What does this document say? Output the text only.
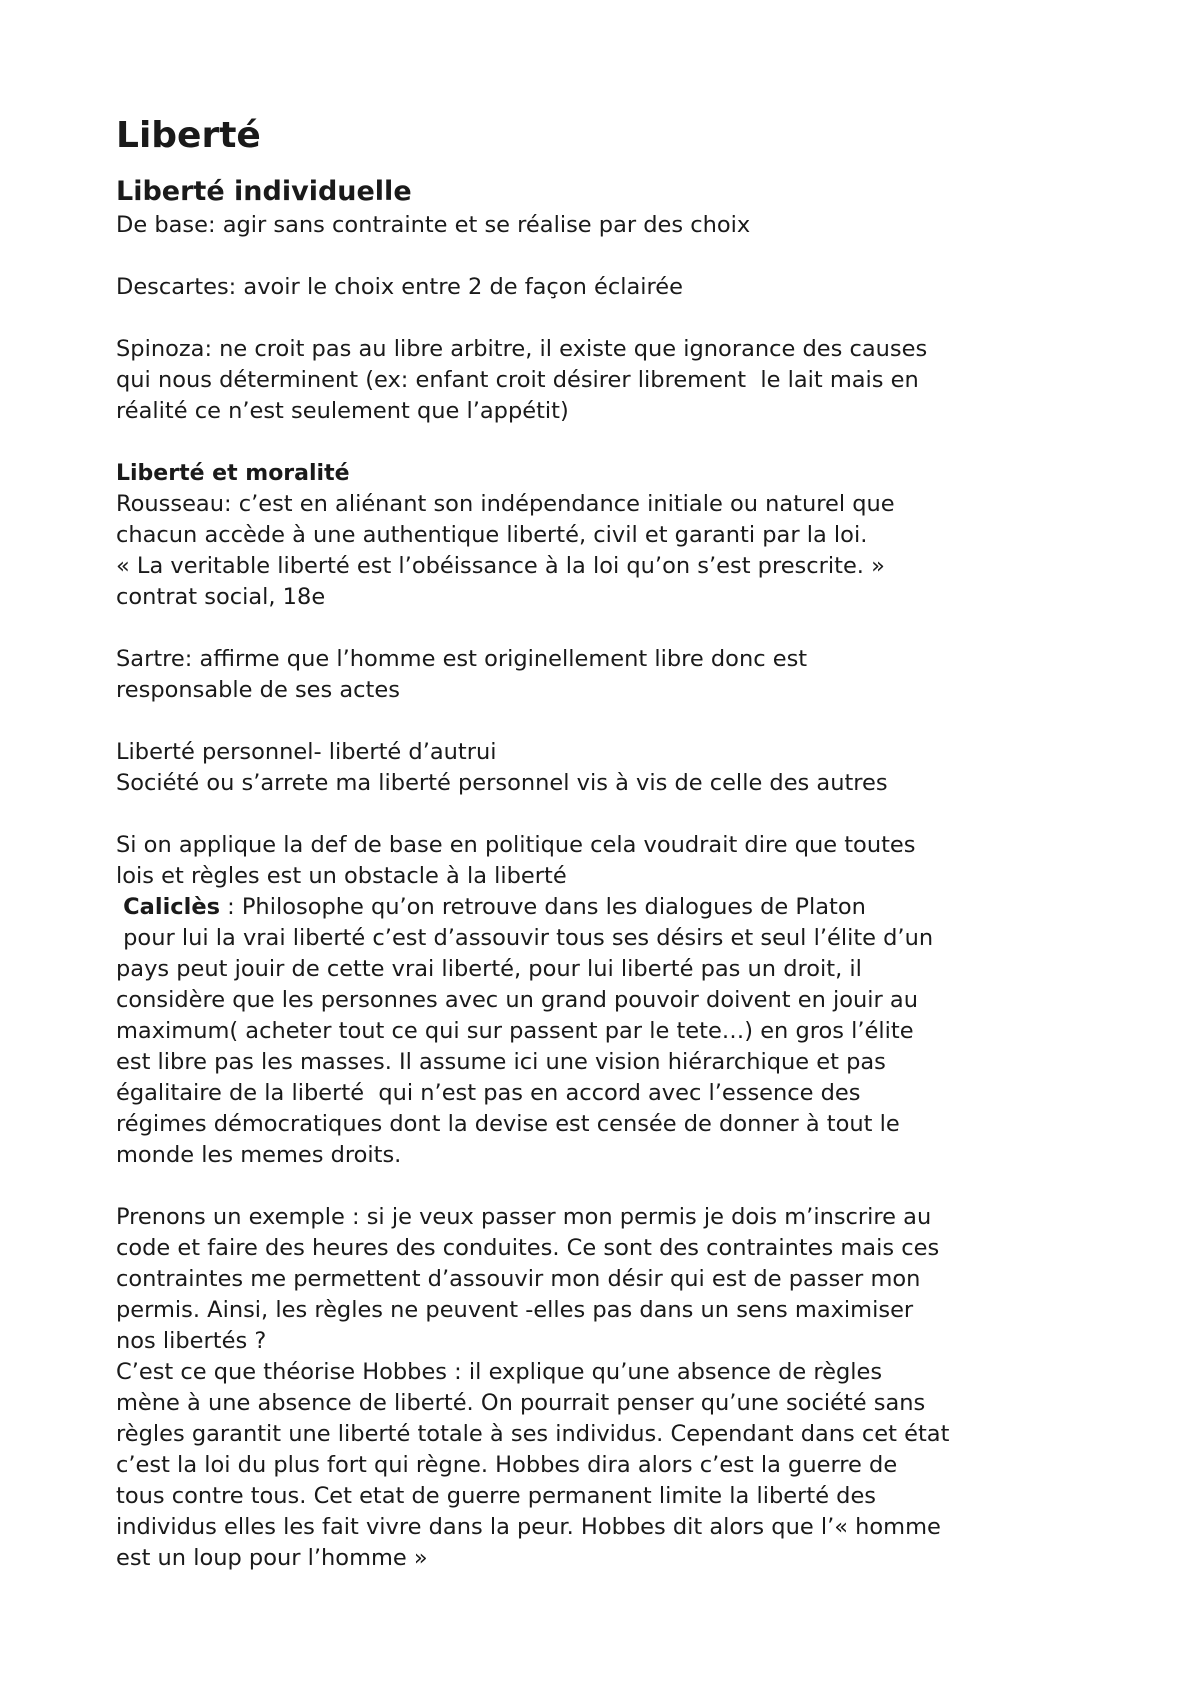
Liberté
Liberté individuelle

De base: agir sans contrainte et se réalise par des choix

Descartes: avoir le choix entre 2 de façon éclairée

Spinoza: ne croit pas au libre arbitre, il existe que ignorance des causes

qui nous déterminent (ex: enfant croit désirer librement  le lait mais en

réalité ce n’est seulement que l’appétit)

Liberté et moralité

Rousseau: c’est en aliénant son indépendance initiale ou naturel que

chacun accède à une authentique liberté, civil et garanti par la loi.

« La veritable liberté est l’obéissance à la loi qu’on s’est prescrite. »

contrat social, 18e

Sartre: affirme que l’homme est originellement libre donc est

responsable de ses actes

Liberté personnel- liberté d’autrui

Société ou s’arrete ma liberté personnel vis à vis de celle des autres

Si on applique la def de base en politique cela voudrait dire que toutes

lois et règles est un obstacle à la liberté

Caliclès : Philosophe qu’on retrouve dans les dialogues de Platon

pour lui la vrai liberté c’est d’assouvir tous ses désirs et seul l’élite d’un

pays peut jouir de cette vrai liberté, pour lui liberté pas un droit, il

considère que les personnes avec un grand pouvoir doivent en jouir au

maximum( acheter tout ce qui sur passent par le tete…) en gros l’élite

est libre pas les masses. Il assume ici une vision hiérarchique et pas

égalitaire de la liberté  qui n’est pas en accord avec l’essence des

régimes démocratiques dont la devise est censée de donner à tout le

monde les memes droits.

Prenons un exemple : si je veux passer mon permis je dois m’inscrire au

code et faire des heures des conduites. Ce sont des contraintes mais ces

contraintes me permettent d’assouvir mon désir qui est de passer mon

permis. Ainsi, les règles ne peuvent -elles pas dans un sens maximiser

nos libertés ?

C’est ce que théorise Hobbes : il explique qu’une absence de règles

mène à une absence de liberté. On pourrait penser qu’une société sans

règles garantit une liberté totale à ses individus. Cependant dans cet état

c’est la loi du plus fort qui règne. Hobbes dira alors c’est la guerre de

tous contre tous. Cet etat de guerre permanent limite la liberté des

individus elles les fait vivre dans la peur. Hobbes dit alors que l’« homme

est un loup pour l’homme »
